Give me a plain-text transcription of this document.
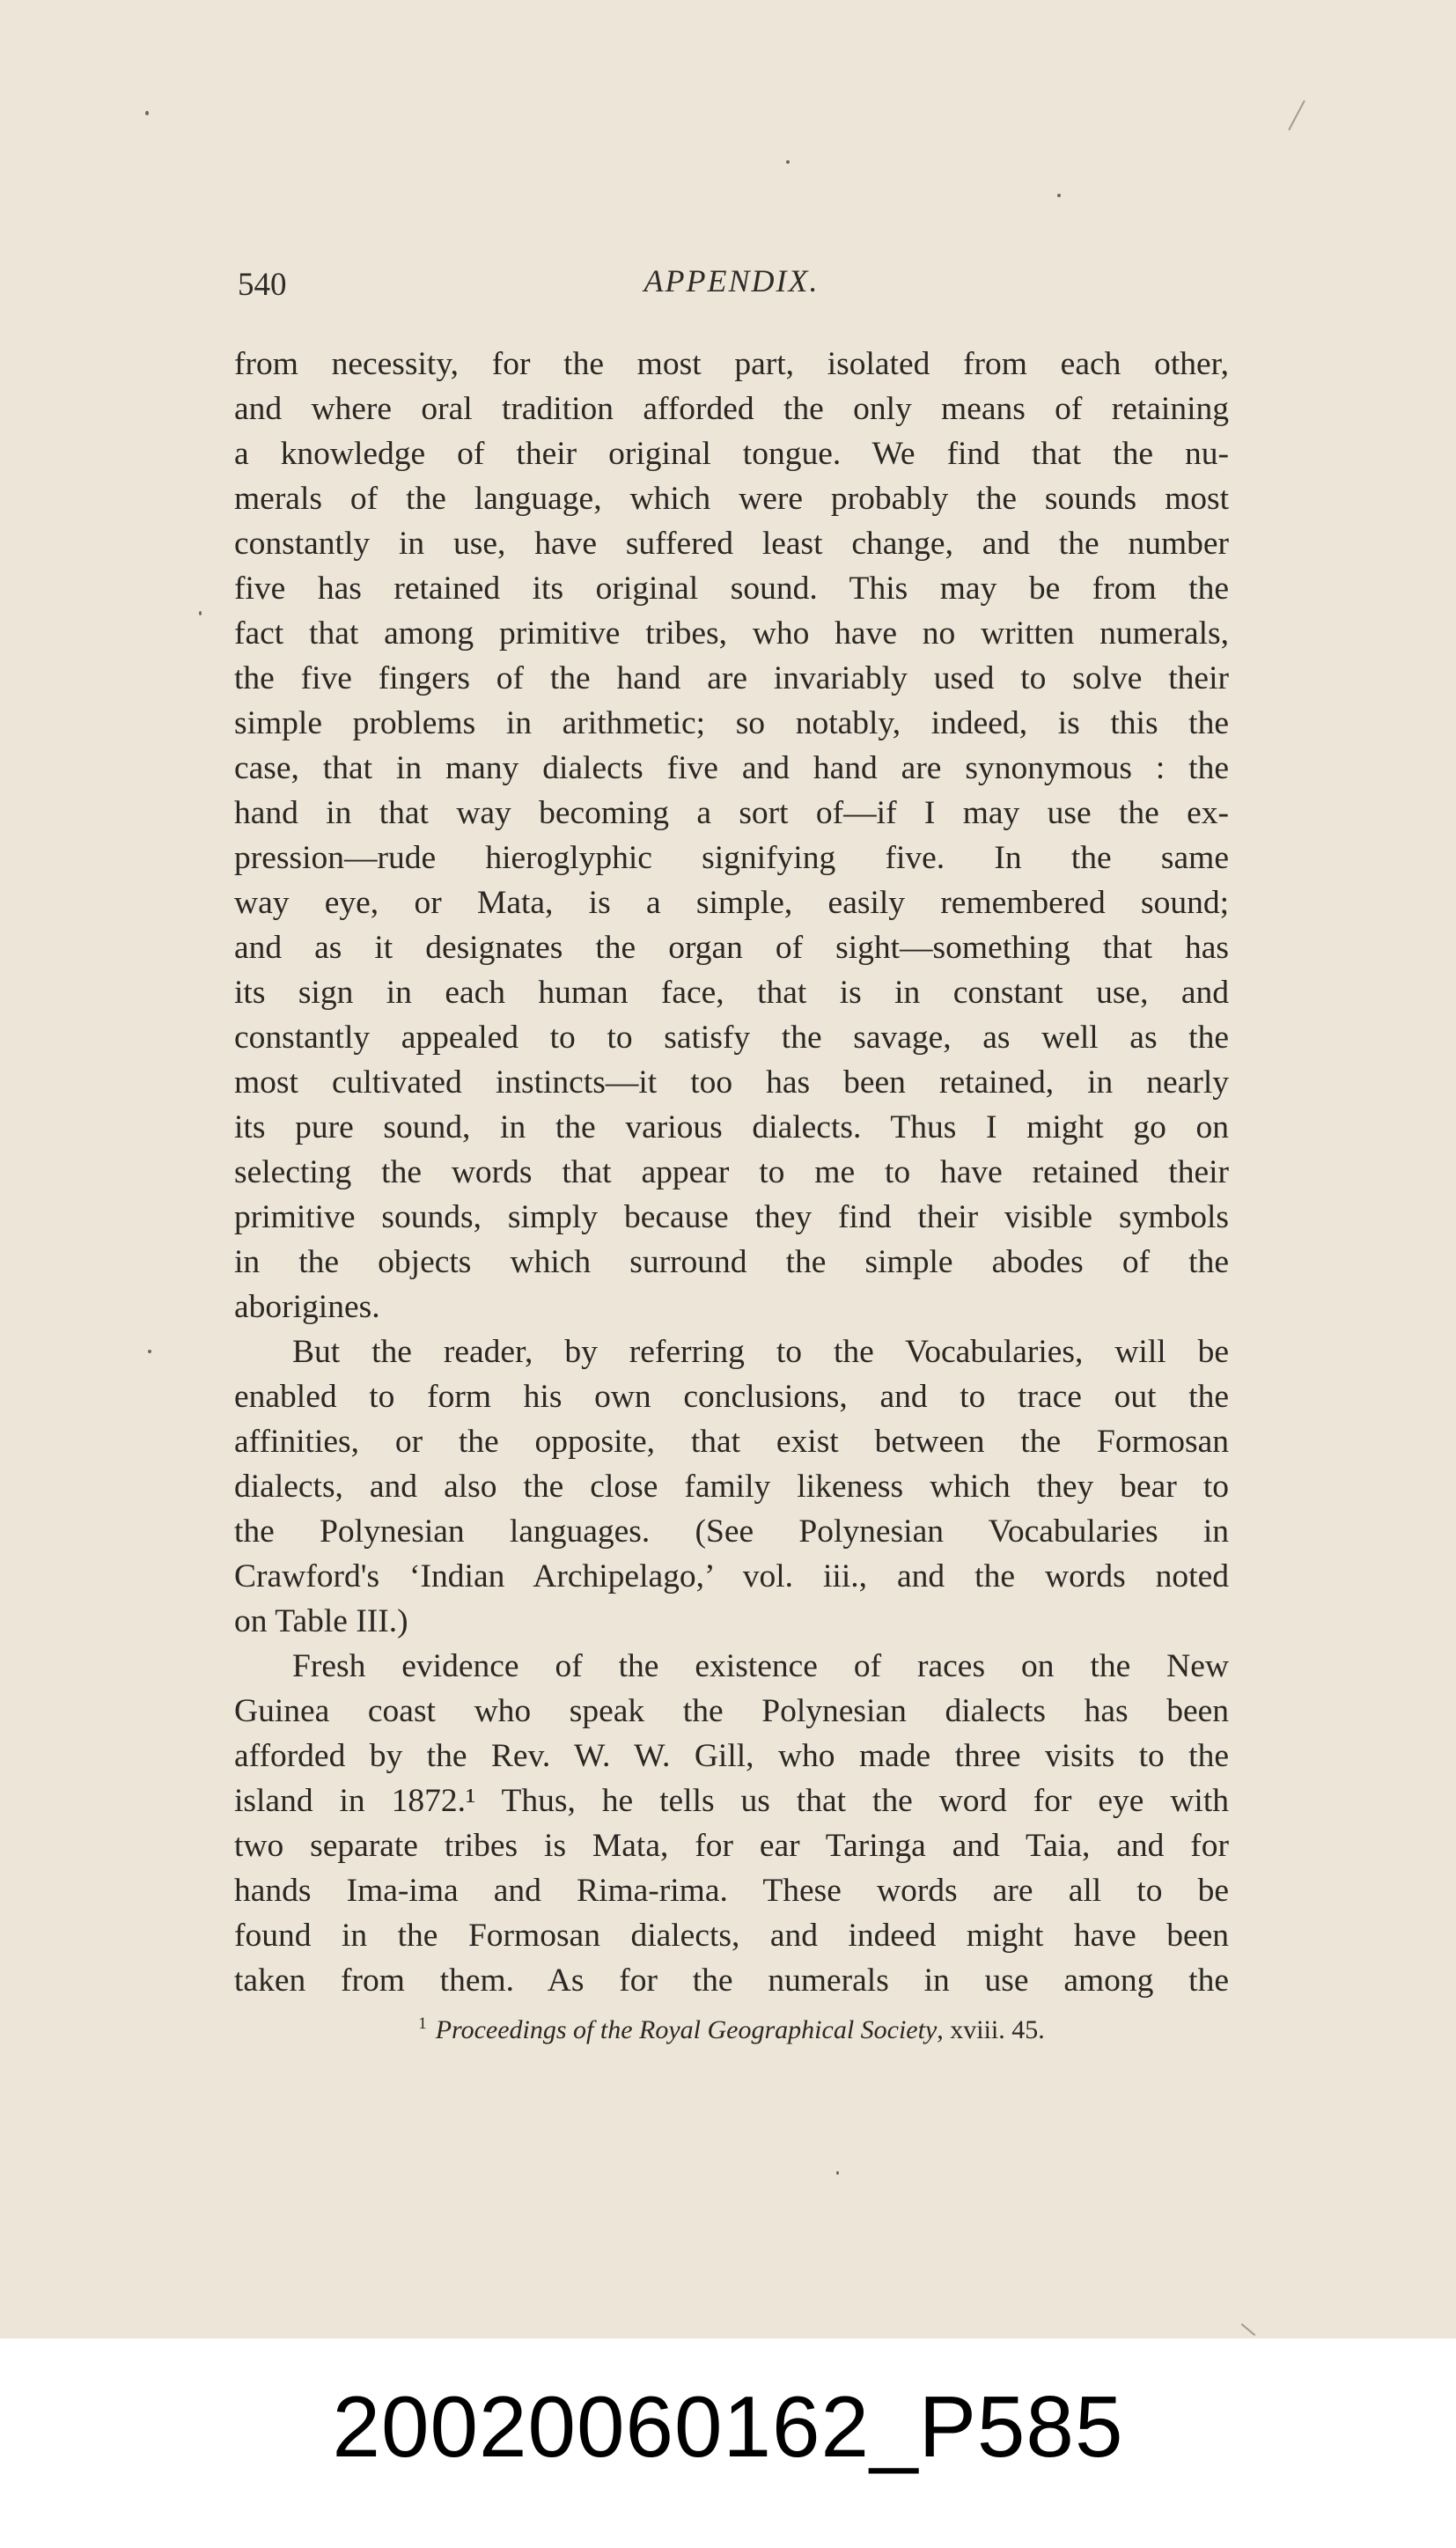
540	APPENDIX.
from necessity, for the most part, isolated from each other,
and where oral tradition afforded the only means of retaining
a knowledge of their original tongue. We find that the nu-
merals of the language, which were probably the sounds most
constantly in use, have suffered least change, and the number
five has retained its original sound. This may be from the
fact that among primitive tribes, who have no written numerals,
the five fingers of the hand are invariably used to solve their
simple problems in arithmetic; so notably, indeed, is this the
case, that in many dialects five and hand are synonymous : the
hand in that way becoming a sort of—if I may use the ex-
pression—rude hieroglyphic signifying five. In the same
way eye, or Mata, is a simple, easily remembered sound;
and as it designates the organ of sight—something that has
its sign in each human face, that is in constant use, and
constantly appealed to to satisfy the savage, as well as the
most cultivated instincts—it too has been retained, in nearly
its pure sound, in the various dialects. Thus I might go on
selecting the words that appear to me to have retained their
primitive sounds, simply because they find their visible symbols
in the objects which surround the simple abodes of the
aborigines.
But the reader, by referring to the Vocabularies, will be
enabled to form his own conclusions, and to trace out the
affinities, or the opposite, that exist between the Formosan
dialects, and also the close family likeness which they bear to
the Polynesian languages. (See Polynesian Vocabularies in
Crawford's ‘Indian Archipelago,’ vol. iii., and the words noted
on Table III.)
Fresh evidence of the existence of races on the New
Guinea coast who speak the Polynesian dialects has been
afforded by the Rev. W. W. Gill, who made three visits to the
island in 1872.¹ Thus, he tells us that the word for eye with
two separate tribes is Mata, for ear Taringa and Taia, and for
hands Ima-ima and Rima-rima. These words are all to be
found in the Formosan dialects, and indeed might have been
taken from them. As for the numerals in use among the
$^1$ Proceedings of the Royal Geographical Society, xviii. 45.
20020060162_P585
